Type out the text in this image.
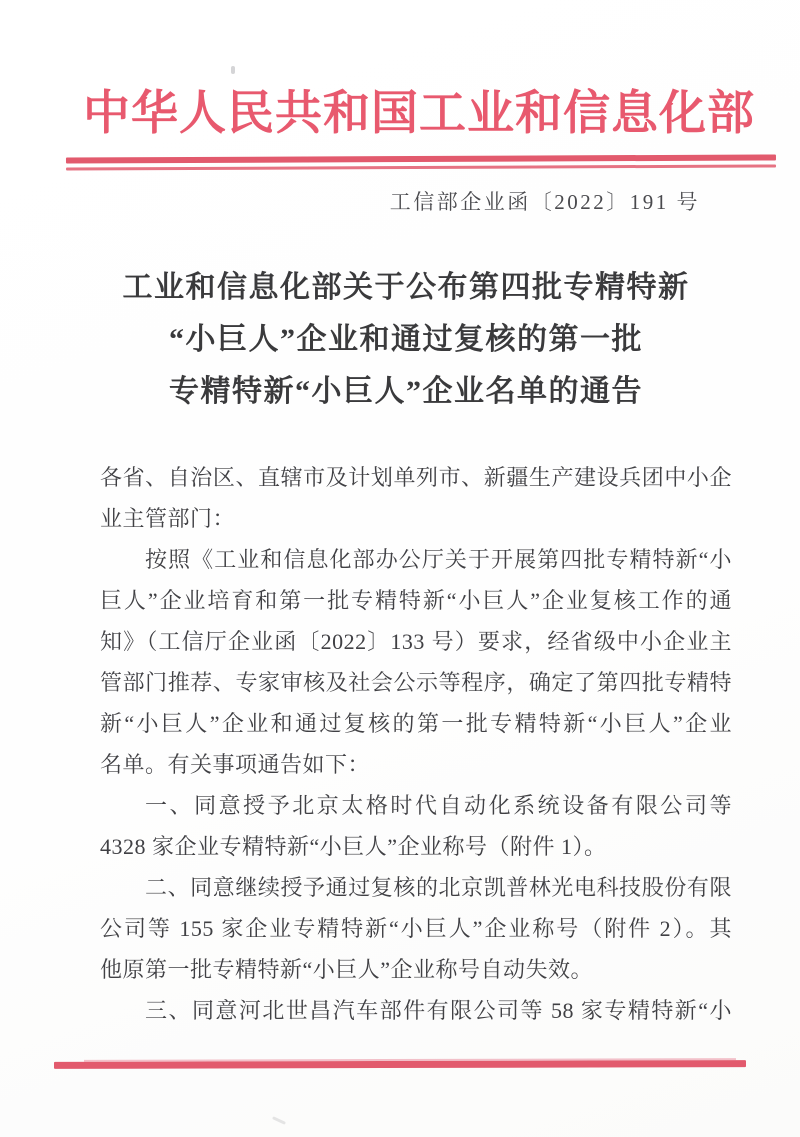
中华人民共和国工业和信息化部
工信部企业函〔2022〕191 号
工业和信息化部关于公布第四批专精特新
“小巨人”企业和通过复核的第一批
专精特新“小巨人”企业名单的通告
各省、自治区、直辖市及计划单列市、新疆生产建设兵团中小企
业主管部门：
按照《工业和信息化部办公厅关于开展第四批专精特新“小
巨人”企业培育和第一批专精特新“小巨人”企业复核工作的通
知》（工信厅企业函〔2022〕133 号）要求，经省级中小企业主
管部门推荐、专家审核及社会公示等程序，确定了第四批专精特
新“小巨人”企业和通过复核的第一批专精特新“小巨人”企业
名单。有关事项通告如下：
一、同意授予北京太格时代自动化系统设备有限公司等
4328 家企业专精特新“小巨人”企业称号（附件 1）。
二、同意继续授予通过复核的北京凯普林光电科技股份有限
公司等 155 家企业专精特新“小巨人”企业称号（附件 2）。其
他原第一批专精特新“小巨人”企业称号自动失效。
三、同意河北世昌汽车部件有限公司等 58 家专精特新“小
